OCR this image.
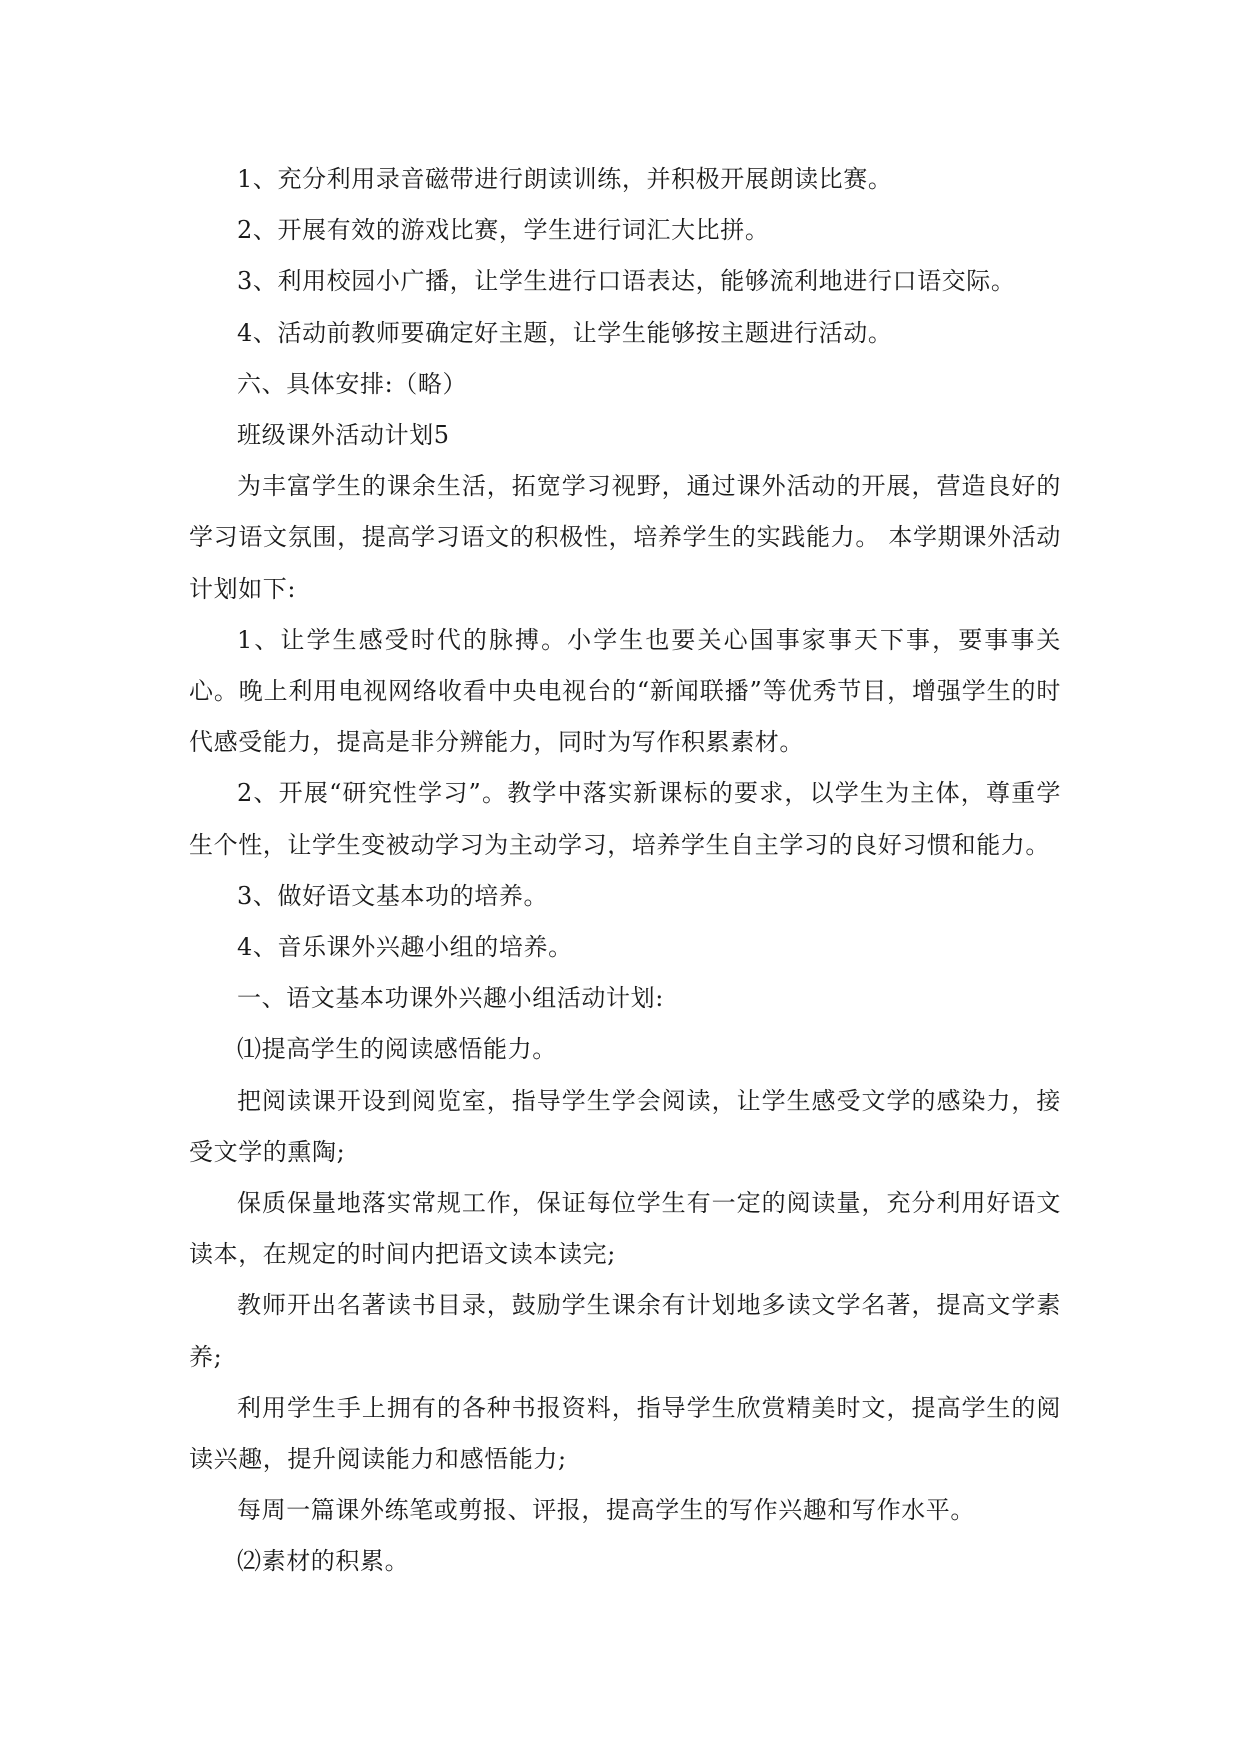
1、充分利用录音磁带进行朗读训练，并积极开展朗读比赛。

2、开展有效的游戏比赛，学生进行词汇大比拼。

3、利用校园小广播，让学生进行口语表达，能够流利地进行口语交际。

4、活动前教师要确定好主题，让学生能够按主题进行活动。

六、具体安排:（略）

班级课外活动计划5

为丰富学生的课余生活，拓宽学习视野，通过课外活动的开展，营造良好的学习语文氛围，提高学习语文的积极性，培养学生的实践能力。 本学期课外活动计划如下:

1、让学生感受时代的脉搏。小学生也要关心国事家事天下事，要事事关心。晚上利用电视网络收看中央电视台的“新闻联播”等优秀节目，增强学生的时代感受能力，提高是非分辨能力，同时为写作积累素材。

2、开展“研究性学习”。教学中落实新课标的要求，以学生为主体，尊重学生个性，让学生变被动学习为主动学习，培养学生自主学习的良好习惯和能力。

3、做好语文基本功的培养。

4、音乐课外兴趣小组的培养。

一、语文基本功课外兴趣小组活动计划:

⑴提高学生的阅读感悟能力。

把阅读课开设到阅览室，指导学生学会阅读，让学生感受文学的感染力，接受文学的熏陶;

保质保量地落实常规工作，保证每位学生有一定的阅读量，充分利用好语文读本，在规定的时间内把语文读本读完;

教师开出名著读书目录，鼓励学生课余有计划地多读文学名著，提高文学素养;

利用学生手上拥有的各种书报资料，指导学生欣赏精美时文，提高学生的阅读兴趣，提升阅读能力和感悟能力;

每周一篇课外练笔或剪报、评报，提高学生的写作兴趣和写作水平。

⑵素材的积累。
